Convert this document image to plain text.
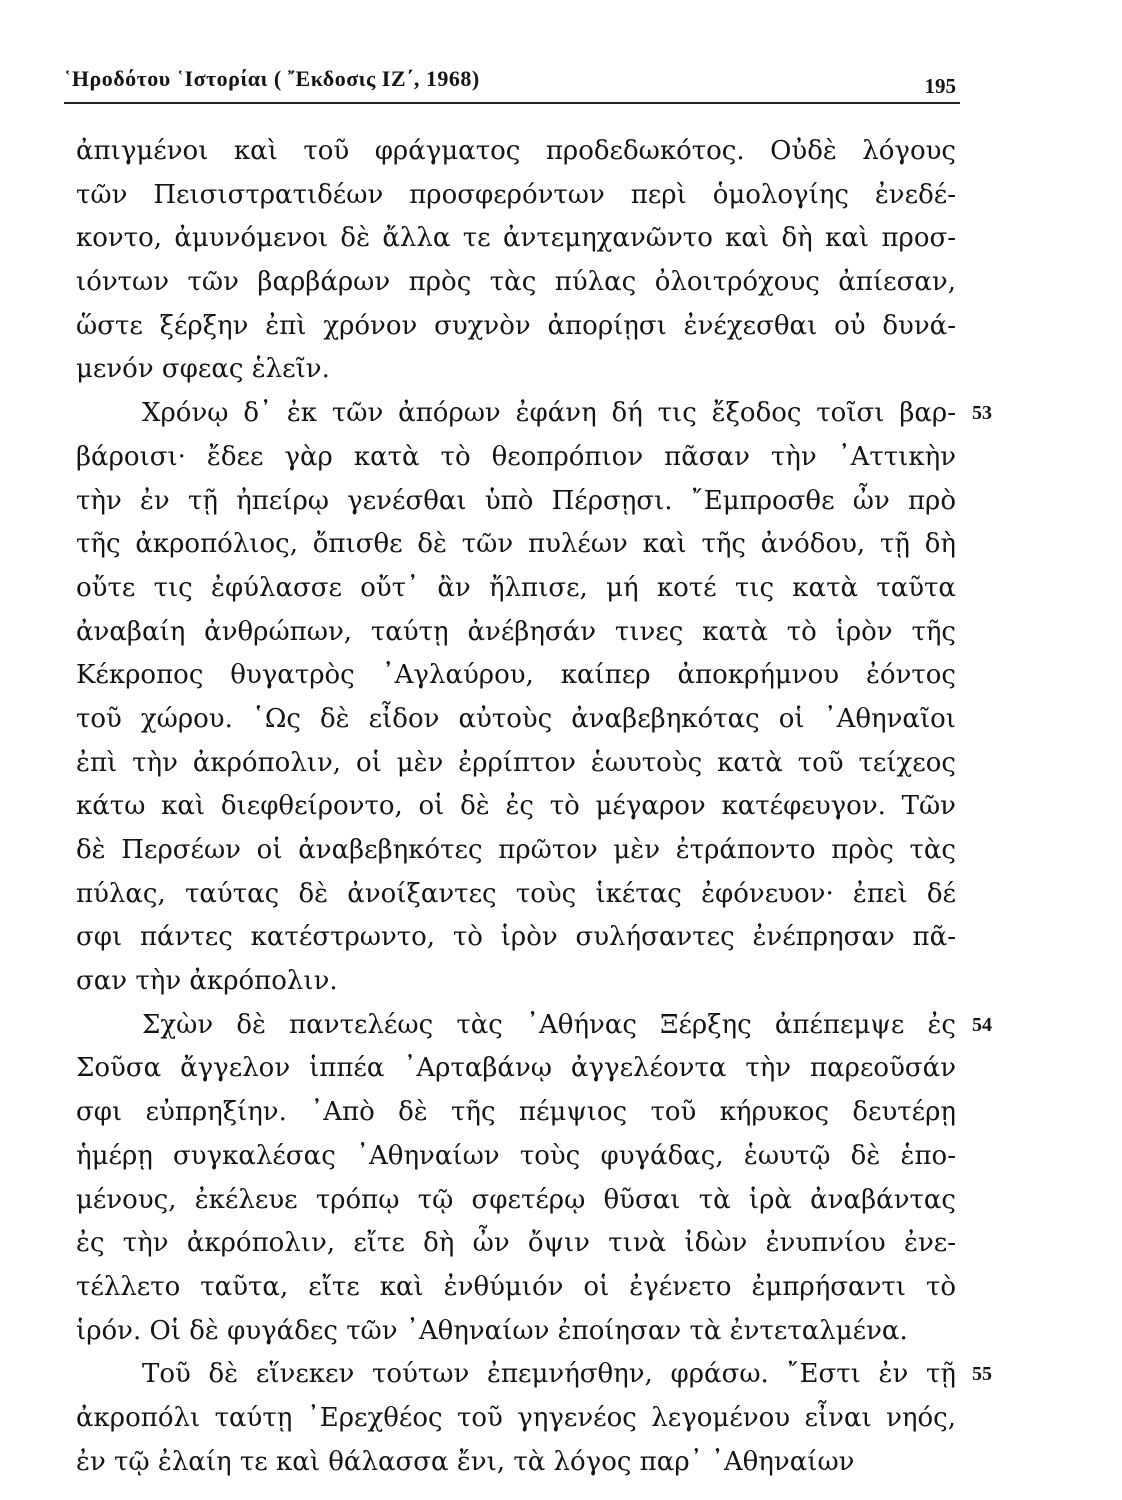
῾Ηροδότου ῾Ιστορίαι ( ῎Εκδοσις ΙΖ΄, 1968)	195
ἀπιγμένοι καὶ τοῦ φράγματος προδεδωκότος. Οὐδὲ λόγους
τῶν Πεισιστρατιδέων προσφερόντων περὶ ὁμολογίης ἐνεδέ-
κοντο, ἀμυνόμενοι δὲ ἄλλα τε ἀντεμηχανῶντο καὶ δὴ καὶ προσ-
ιόντων τῶν βαρβάρων πρὸς τὰς πύλας ὀλοιτρόχους ἀπίεσαν,
ὥστε ξέρξην ἐπὶ χρόνον συχνὸν ἀπορίῃσι ἐνέχεσθαι οὐ δυνά-
μενόν σφεας ἑλεῖν.
Χρόνῳ δ᾽ ἐκ τῶν ἀπόρων ἐφάνη δή τις ἔξοδος τοῖσι βαρ-
βάροισι· ἔδεε γὰρ κατὰ τὸ θεοπρόπιον πᾶσαν τὴν ᾽Αττικὴν
τὴν ἐν τῇ ἠπείρῳ γενέσθαι ὑπὸ Πέρσῃσι. ῎Εμπροσθε ὦν πρὸ
τῆς ἀκροπόλιος, ὄπισθε δὲ τῶν πυλέων καὶ τῆς ἀνόδου, τῇ δὴ
οὔτε τις ἐφύλασσε οὔτ᾽ ἂν ἤλπισε, μή κοτέ τις κατὰ ταῦτα
ἀναβαίη ἀνθρώπων, ταύτῃ ἀνέβησάν τινες κατὰ τὸ ἱρὸν τῆς
Κέκροπος θυγατρὸς ᾽Αγλαύρου, καίπερ ἀποκρήμνου ἐόντος
τοῦ χώρου. ῾Ως δὲ εἶδον αὐτοὺς ἀναβεβηκότας οἱ ᾽Αθηναῖοι
ἐπὶ τὴν ἀκρόπολιν, οἱ μὲν ἐρρίπτον ἑωυτοὺς κατὰ τοῦ τείχεος
κάτω καὶ διεφθείροντο, οἱ δὲ ἐς τὸ μέγαρον κατέφευγον. Τῶν
δὲ Περσέων οἱ ἀναβεβηκότες πρῶτον μὲν ἐτράποντο πρὸς τὰς
πύλας, ταύτας δὲ ἀνοίξαντες τοὺς ἱκέτας ἐφόνευον· ἐπεὶ δέ
σφι πάντες κατέστρωντο, τὸ ἱρὸν συλήσαντες ἐνέπρησαν πᾶ-
σαν τὴν ἀκρόπολιν.
53
Σχὼν δὲ παντελέως τὰς ᾽Αθήνας Ξέρξης ἀπέπεμψε ἐς
Σοῦσα ἄγγελον ἱππέα ᾽Αρταβάνῳ ἀγγελέοντα τὴν παρεοῦσάν
σφι εὐπρηξίην. ᾽Απὸ δὲ τῆς πέμψιος τοῦ κήρυκος δευτέρῃ
ἡμέρῃ συγκαλέσας ᾽Αθηναίων τοὺς φυγάδας, ἑωυτῷ δὲ ἑπο-
μένους, ἐκέλευε τρόπῳ τῷ σφετέρῳ θῦσαι τὰ ἱρὰ ἀναβάντας
ἐς τὴν ἀκρόπολιν, εἴτε δὴ ὦν ὄψιν τινὰ ἰδὼν ἐνυπνίου ἐνε-
τέλλετο ταῦτα, εἴτε καὶ ἐνθύμιόν οἱ ἐγένετο ἐμπρήσαντι τὸ
ἱρόν. Οἱ δὲ φυγάδες τῶν ᾽Αθηναίων ἐποίησαν τὰ ἐντεταλμένα.
54
Τοῦ δὲ εἵνεκεν τούτων ἐπεμνήσθην, φράσω. ῎Εστι ἐν τῇ
ἀκροπόλι ταύτῃ ᾽Ερεχθέος τοῦ γηγενέος λεγομένου εἶναι νηός,
ἐν τῷ ἐλαίη τε καὶ θάλασσα ἔνι, τὰ λόγος παρ᾽ ᾽Αθηναίων
55
